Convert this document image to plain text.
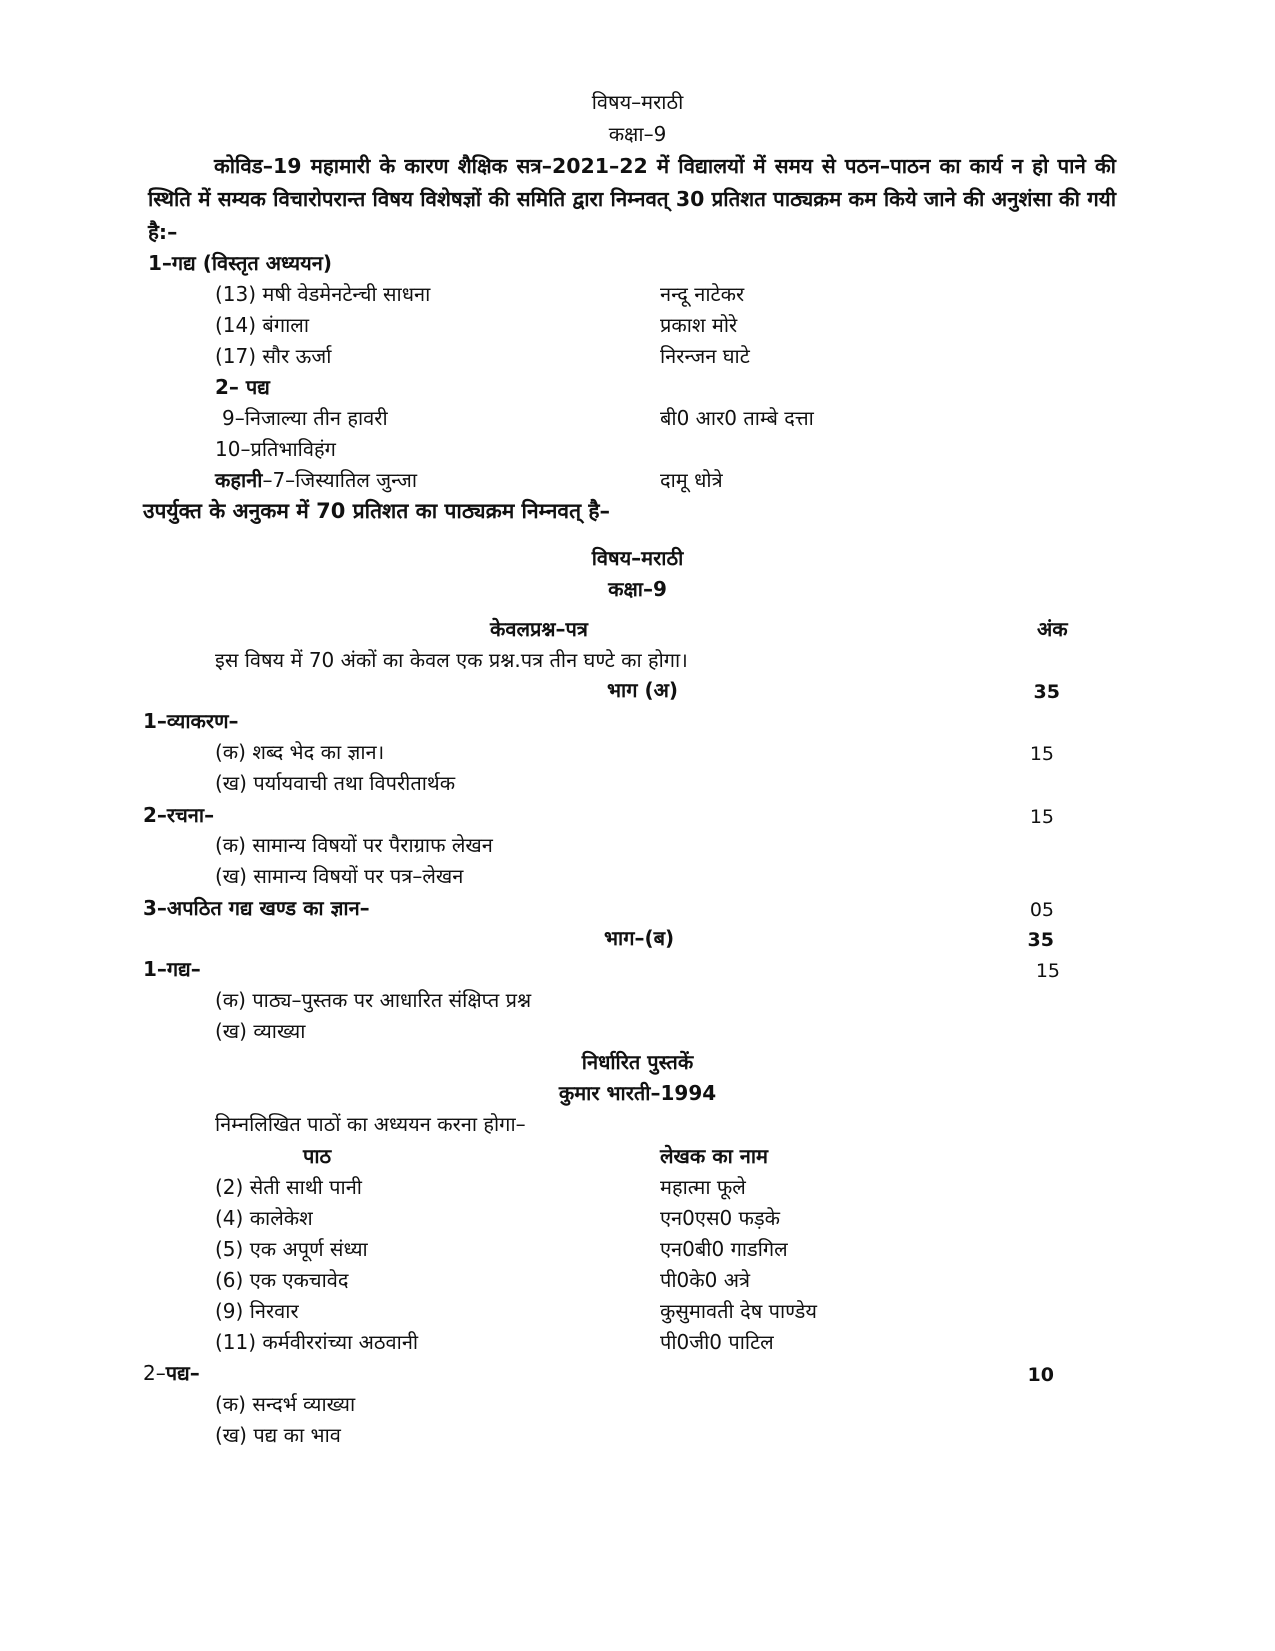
विषय–मराठी
कक्षा–9
कोविड–19 महामारी के कारण शैक्षिक सत्र–2021–22 में विद्यालयों में समय से पठन–पाठन का कार्य न हो पाने की स्थिति में सम्यक विचारोपरान्त विषय विशेषज्ञों की समिति द्वारा निम्नवत् 30 प्रतिशत पाठ्यक्रम कम किये जाने की अनुशंसा की गयी है:–
1–गद्य (विस्तृत अध्ययन)
(13) मषी वेडमेनटेन्ची साधना	नन्दू नाटेकर
(14) बंगाला	प्रकाश मोरे
(17) सौर ऊर्जा	निरन्जन घाटे
2– पद्य
9–निजाल्या तीन हावरी	बी0 आर0 ताम्बे दत्ता
10–प्रतिभाविहंग
कहानी–7–जिस्यातिल जुन्जा	दामू धोत्रे
उपर्युक्त के अनुकम में 70 प्रतिशत का पाठ्यक्रम निम्नवत् है–
विषय–मराठी
कक्षा–9
केवलप्रश्न–पत्र	अंक
इस विषय में 70 अंकों का केवल एक प्रश्न.पत्र तीन घण्टे का होगा।
भाग (अ)	35
1–व्याकरण–
(क) शब्द भेद का ज्ञान।	15
(ख) पर्यायवाची तथा विपरीतार्थक
2–रचना–	15
(क) सामान्य विषयों पर पैराग्राफ लेखन
(ख) सामान्य विषयों पर पत्र–लेखन
3–अपठित गद्य खण्ड का ज्ञान–	05
भाग–(ब)	35
1–गद्य–	15
(क) पाठ्य–पुस्तक पर आधारित संक्षिप्त प्रश्न
(ख) व्याख्या
निर्धारित पुस्तकें
कुमार भारती–1994
निम्नलिखित पाठों का अध्ययन करना होगा–
पाठ	लेखक का नाम
(2) सेती साथी पानी	महात्मा फूले
(4) कालेकेश	एन0एस0 फड़के
(5) एक अपूर्ण संध्या	एन0बी0 गाडगिल
(6) एक एकचावेद	पी0के0 अत्रे
(9) निरवार	कुसुमावती देष पाण्डेय
(11) कर्मवीररांच्या अठवानी	पी0जी0 पाटिल
2–पद्य–	10
(क) सन्दर्भ व्याख्या
(ख) पद्य का भाव
